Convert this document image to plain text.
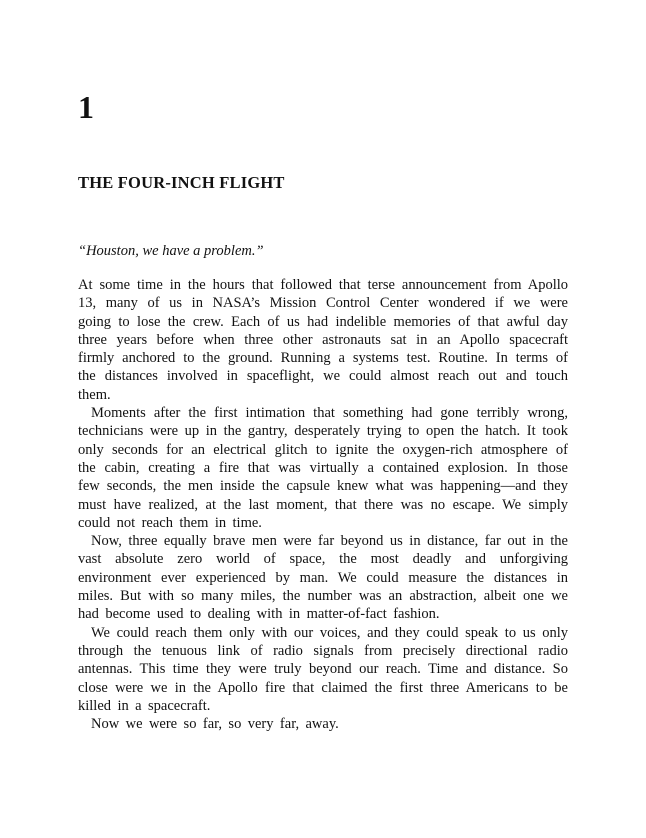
1
THE FOUR-INCH FLIGHT
“Houston, we have a problem.”

At some time in the hours that followed that terse announcement from Apollo 13, many of us in NASA’s Mission Control Center wondered if we were going to lose the crew. Each of us had indelible memories of that awful day three years before when three other astronauts sat in an Apollo spacecraft firmly anchored to the ground. Running a systems test. Routine. In terms of the distances involved in spaceflight, we could almost reach out and touch them.

Moments after the first intimation that something had gone terribly wrong, technicians were up in the gantry, desperately trying to open the hatch. It took only seconds for an electrical glitch to ignite the oxygen-rich atmosphere of the cabin, creating a fire that was virtually a contained explosion. In those few seconds, the men inside the capsule knew what was happening—and they must have realized, at the last moment, that there was no escape. We simply could not reach them in time.

Now, three equally brave men were far beyond us in distance, far out in the vast absolute zero world of space, the most deadly and unforgiving environment ever experienced by man. We could measure the distances in miles. But with so many miles, the number was an abstraction, albeit one we had become used to dealing with in matter-of-fact fashion.

We could reach them only with our voices, and they could speak to us only through the tenuous link of radio signals from precisely directional radio antennas. This time they were truly beyond our reach. Time and distance. So close were we in the Apollo fire that claimed the first three Americans to be killed in a spacecraft.

Now we were so far, so very far, away.
